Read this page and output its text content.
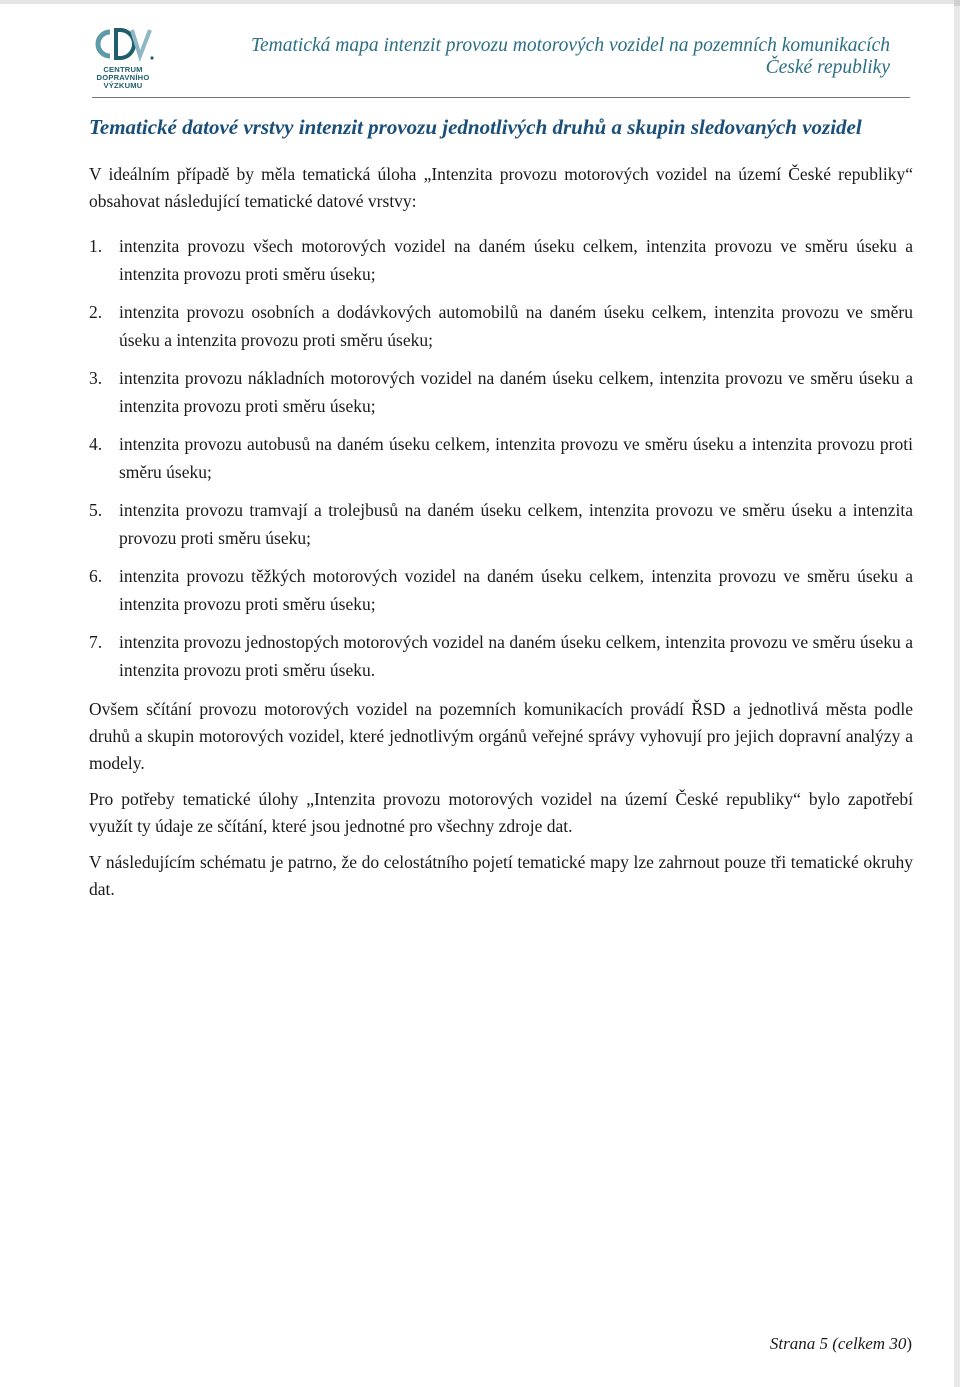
CDV
CENTRUM
DOPRAVNÍHO
VÝZKUMU
Tematická mapa intenzit provozu motorových vozidel na pozemních komunikacích
České republiky
Tematické datové vrstvy intenzit provozu jednotlivých druhů a skupin sledovaných vozidel

V ideálním případě by měla tematická úloha „Intenzita provozu motorových vozidel na území České republiky“ obsahovat následující tematické datové vrstvy:

1. intenzita provozu všech motorových vozidel na daném úseku celkem, intenzita provozu ve směru úseku a intenzita provozu proti směru úseku;
2. intenzita provozu osobních a dodávkových automobilů na daném úseku celkem, intenzita provozu ve směru úseku a intenzita provozu proti směru úseku;
3. intenzita provozu nákladních motorových vozidel na daném úseku celkem, intenzita provozu ve směru úseku a intenzita provozu proti směru úseku;
4. intenzita provozu autobusů na daném úseku celkem, intenzita provozu ve směru úseku a intenzita provozu proti směru úseku;
5. intenzita provozu tramvají a trolejbusů na daném úseku celkem, intenzita provozu ve směru úseku a intenzita provozu proti směru úseku;
6. intenzita provozu těžkých motorových vozidel na daném úseku celkem, intenzita provozu ve směru úseku a intenzita provozu proti směru úseku;
7. intenzita provozu jednostopých motorových vozidel na daném úseku celkem, intenzita provozu ve směru úseku a intenzita provozu proti směru úseku.

Ovšem sčítání provozu motorových vozidel na pozemních komunikacích provádí ŘSD a jednotlivá města podle druhů a skupin motorových vozidel, které jednotlivým orgánů veřejné správy vyhovují pro jejich dopravní analýzy a modely.

Pro potřeby tematické úlohy „Intenzita provozu motorových vozidel na území České republiky“ bylo zapotřebí využít ty údaje ze sčítání, které jsou jednotné pro všechny zdroje dat.

V následujícím schématu je patrno, že do celostátního pojetí tematické mapy lze zahrnout pouze tři tematické okruhy dat.

Strana 5 (celkem 30)
